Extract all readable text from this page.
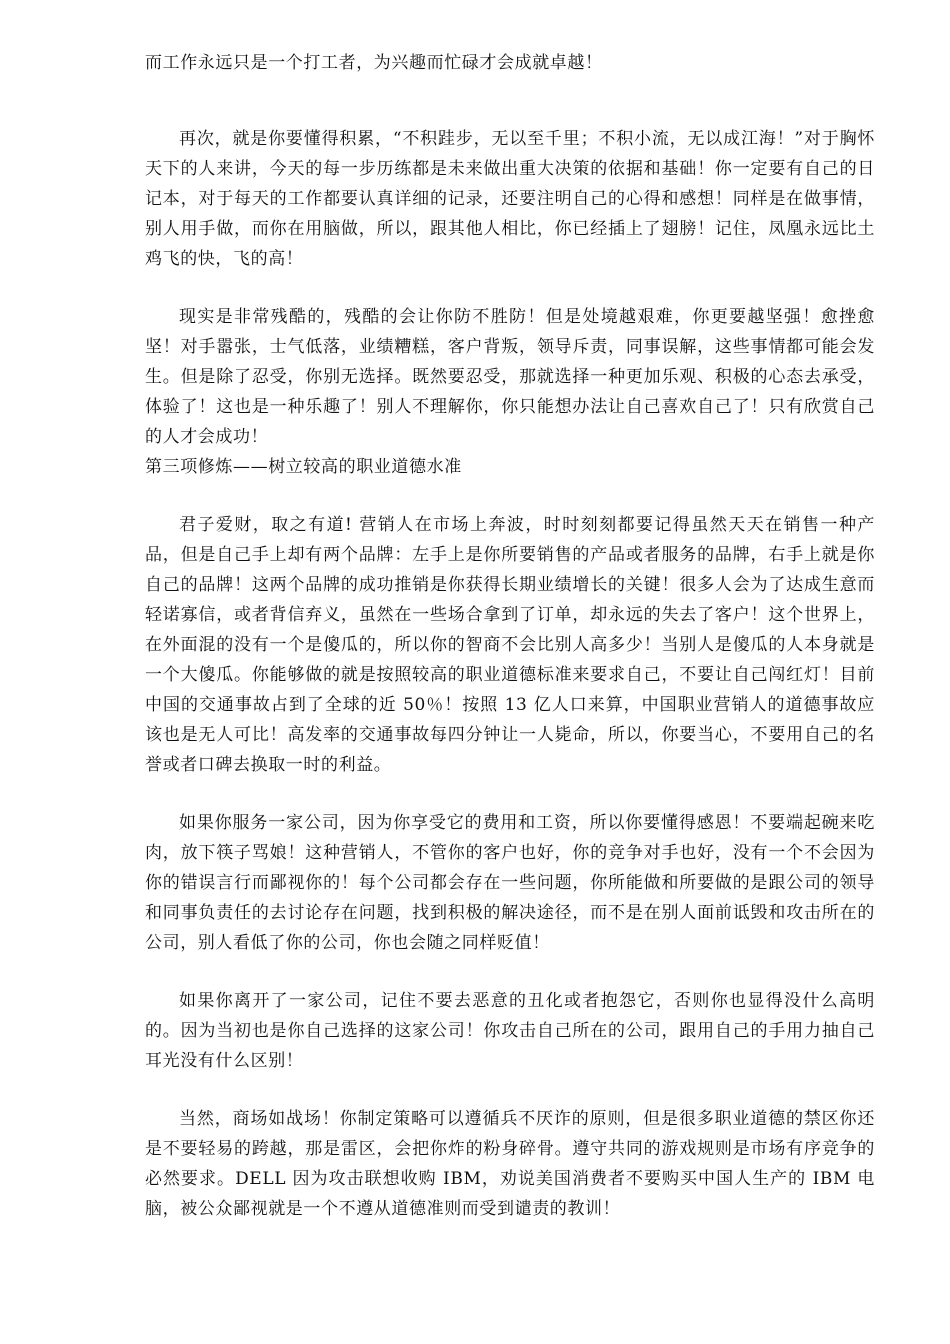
而工作永远只是一个打工者，为兴趣而忙碌才会成就卓越！

再次，就是你要懂得积累，“不积跬步，无以至千里；不积小流，无以成江海！”对于胸怀天下的人来讲，今天的每一步历练都是未来做出重大决策的依据和基础！你一定要有自己的日记本，对于每天的工作都要认真详细的记录，还要注明自己的心得和感想！同样是在做事情，别人用手做，而你在用脑做，所以，跟其他人相比，你已经插上了翅膀！记住，凤凰永远比土鸡飞的快，飞的高！

现实是非常残酷的，残酷的会让你防不胜防！但是处境越艰难，你更要越坚强！愈挫愈坚！对手嚣张，士气低落，业绩糟糕，客户背叛，领导斥责，同事误解，这些事情都可能会发生。但是除了忍受，你别无选择。既然要忍受，那就选择一种更加乐观、积极的心态去承受，体验了！这也是一种乐趣了！别人不理解你，你只能想办法让自己喜欢自己了！只有欣赏自己的人才会成功！

第三项修炼——树立较高的职业道德水准

君子爱财，取之有道! 营销人在市场上奔波，时时刻刻都要记得虽然天天在销售一种产品，但是自己手上却有两个品牌：左手上是你所要销售的产品或者服务的品牌，右手上就是你自己的品牌！这两个品牌的成功推销是你获得长期业绩增长的关键！很多人会为了达成生意而轻诺寡信，或者背信弃义，虽然在一些场合拿到了订单，却永远的失去了客户！这个世界上，在外面混的没有一个是傻瓜的，所以你的智商不会比别人高多少！当别人是傻瓜的人本身就是一个大傻瓜。你能够做的就是按照较高的职业道德标准来要求自己，不要让自己闯红灯！目前中国的交通事故占到了全球的近 50％！按照 13 亿人口来算，中国职业营销人的道德事故应该也是无人可比！高发率的交通事故每四分钟让一人毙命，所以，你要当心，不要用自己的名誉或者口碑去换取一时的利益。

如果你服务一家公司，因为你享受它的费用和工资，所以你要懂得感恩！不要端起碗来吃肉，放下筷子骂娘！这种营销人，不管你的客户也好，你的竞争对手也好，没有一个不会因为你的错误言行而鄙视你的！每个公司都会存在一些问题，你所能做和所要做的是跟公司的领导和同事负责任的去讨论存在问题，找到积极的解决途径，而不是在别人面前诋毁和攻击所在的公司，别人看低了你的公司，你也会随之同样贬值！

如果你离开了一家公司，记住不要去恶意的丑化或者抱怨它，否则你也显得没什么高明的。因为当初也是你自己选择的这家公司！你攻击自己所在的公司，跟用自己的手用力抽自己耳光没有什么区别！

当然，商场如战场！你制定策略可以遵循兵不厌诈的原则，但是很多职业道德的禁区你还是不要轻易的跨越，那是雷区，会把你炸的粉身碎骨。遵守共同的游戏规则是市场有序竞争的必然要求。DELL 因为攻击联想收购 IBM，劝说美国消费者不要购买中国人生产的 IBM 电脑，被公众鄙视就是一个不遵从道德准则而受到谴责的教训！
